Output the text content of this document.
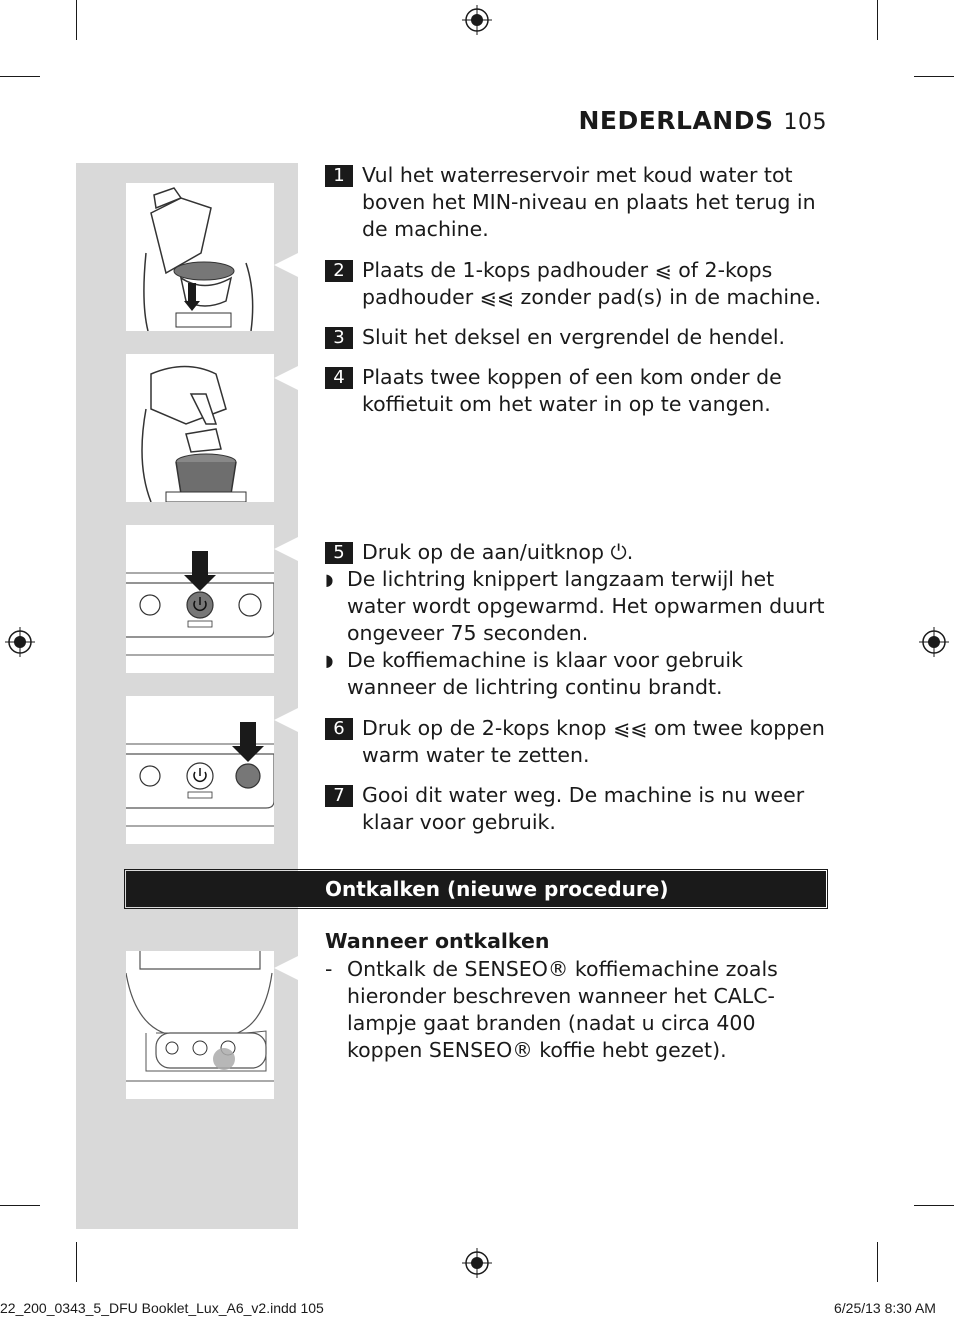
NEDERLANDS 105
1 Vul het waterreservoir met koud water tot boven het MIN-niveau en plaats het terug in de machine.
2 Plaats de 1-kops padhouder ⩿ of 2-kops padhouder ⩿⩿ zonder pad(s) in de machine.
3 Sluit het deksel en vergrendel de hendel.
4 Plaats twee koppen of een kom onder de koffietuit om het water in op te vangen.
5 Druk op de aan/uitknop ⏻.
◗ De lichtring knippert langzaam terwijl het water wordt opgewarmd. Het opwarmen duurt ongeveer 75 seconden.
◗ De koffiemachine is klaar voor gebruik wanneer de lichtring continu brandt.
6 Druk op de 2-kops knop ⩿⩿ om twee koppen warm water te zetten.
7 Gooi dit water weg. De machine is nu weer klaar voor gebruik.
Ontkalken (nieuwe procedure)
Wanneer ontkalken
- Ontkalk de SENSEO® koffiemachine zoals hieronder beschreven wanneer het CALC-lampje gaat branden (nadat u circa 400 koppen SENSEO® koffie hebt gezet).
22_200_0343_5_DFU Booklet_Lux_A6_v2.indd 105	6/25/13 8:30 AM
